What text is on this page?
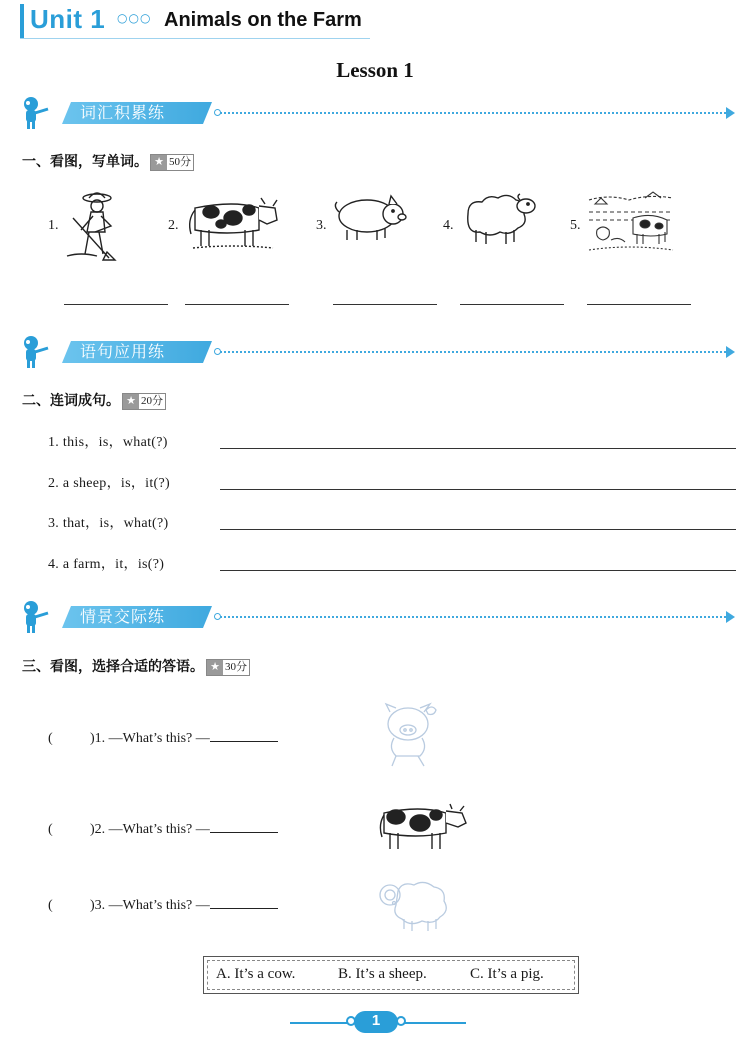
Unit 1 ○○○ Animals on the Farm
Lesson 1
词汇积累练
一、看图，写单词。 ★ 50分
1.	2.	3.	4.	5.
语句应用练
二、连词成句。 ★ 20分
1. this，is，what(?)
2. a sheep，is，it(?)
3. that，is，what(?)
4. a farm，it，is(?)
情景交际练
三、看图，选择合适的答语。 ★ 30分
(	)1. —What’s this? —
(	)2. —What’s this? —
(	)3. —What’s this? —
A. It’s a cow.	B. It’s a sheep.	C. It’s a pig.
1
